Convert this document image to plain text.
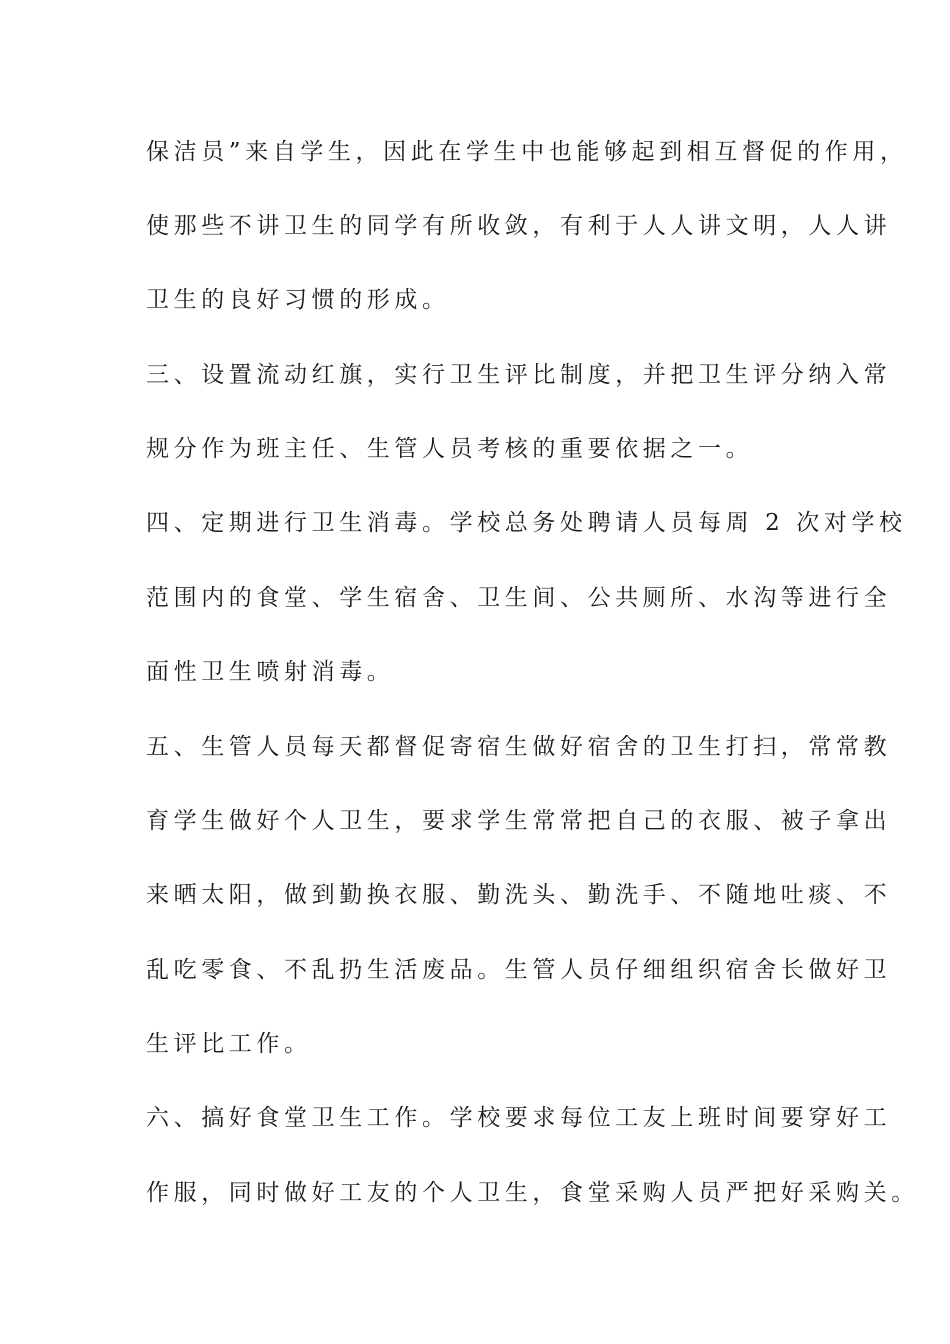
保洁员”来自学生，因此在学生中也能够起到相互督促的作用，
使那些不讲卫生的同学有所收敛，有利于人人讲文明，人人讲
卫生的良好习惯的形成。
三、设置流动红旗，实行卫生评比制度，并把卫生评分纳入常
规分作为班主任、生管人员考核的重要依据之一。
四、定期进行卫生消毒。学校总务处聘请人员每周 2 次对学校
范围内的食堂、学生宿舍、卫生间、公共厕所、水沟等进行全
面性卫生喷射消毒。
五、生管人员每天都督促寄宿生做好宿舍的卫生打扫，常常教
育学生做好个人卫生，要求学生常常把自己的衣服、被子拿出
来晒太阳，做到勤换衣服、勤洗头、勤洗手、不随地吐痰、不
乱吃零食、不乱扔生活废品。生管人员仔细组织宿舍长做好卫
生评比工作。
六、搞好食堂卫生工作。学校要求每位工友上班时间要穿好工
作服，同时做好工友的个人卫生，食堂采购人员严把好采购关。
